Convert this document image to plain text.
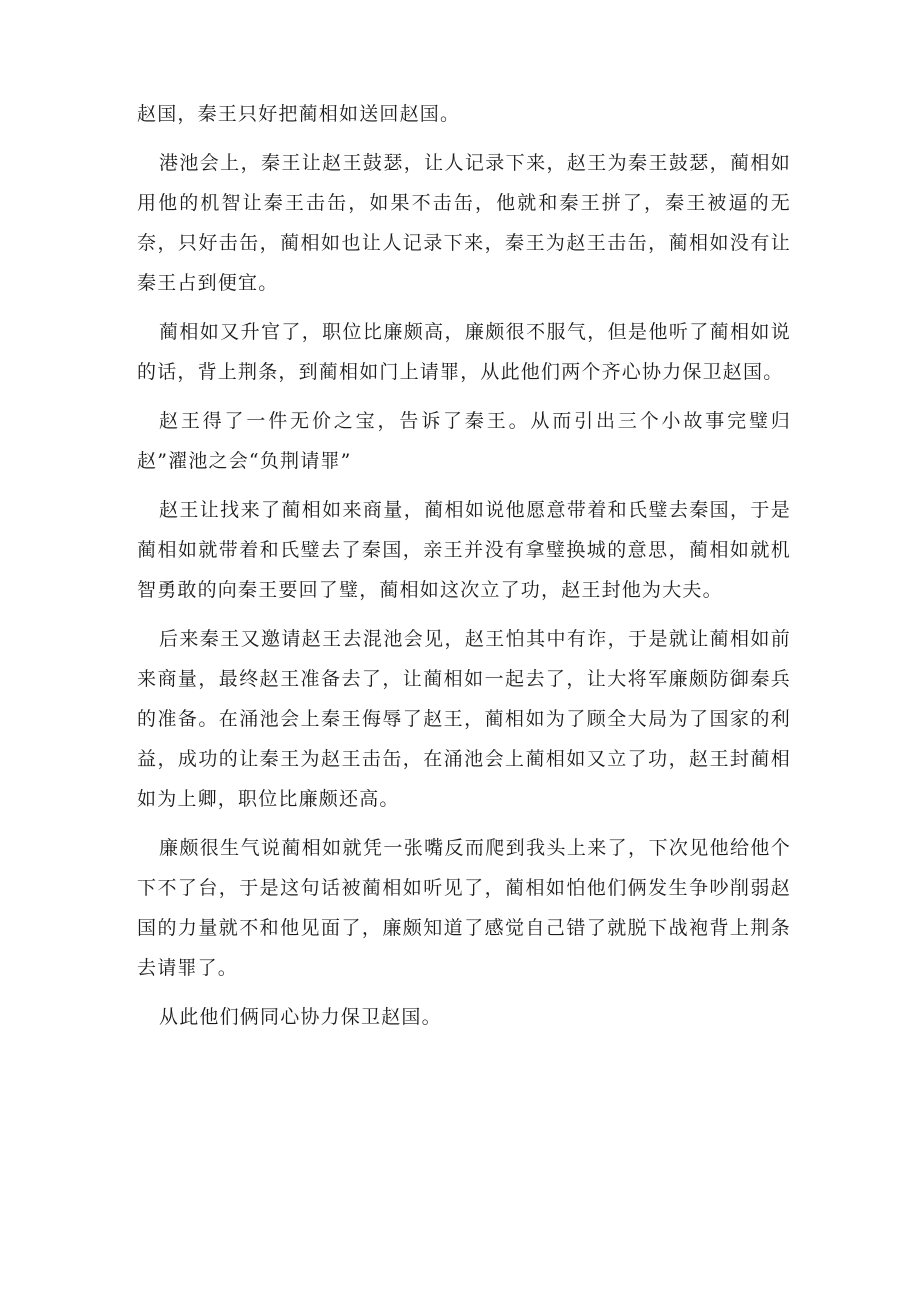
赵国，秦王只好把蔺相如送回赵国。

港池会上，秦王让赵王鼓瑟，让人记录下来，赵王为秦王鼓瑟，蔺相如用他的机智让秦王击缶，如果不击缶，他就和秦王拼了，秦王被逼的无奈，只好击缶，蔺相如也让人记录下来，秦王为赵王击缶，蔺相如没有让秦王占到便宜。

蔺相如又升官了，职位比廉颇高，廉颇很不服气，但是他听了蔺相如说的话，背上荆条，到蔺相如门上请罪，从此他们两个齐心协力保卫赵国。

赵王得了一件无价之宝，告诉了秦王。从而引出三个小故事完璧归赵”濯池之会“负荆请罪”

赵王让找来了蔺相如来商量，蔺相如说他愿意带着和氏璧去秦国，于是蔺相如就带着和氏璧去了秦国，亲王并没有拿璧换城的意思，蔺相如就机智勇敢的向秦王要回了璧，蔺相如这次立了功，赵王封他为大夫。

后来秦王又邀请赵王去混池会见，赵王怕其中有诈，于是就让蔺相如前来商量，最终赵王准备去了，让蔺相如一起去了，让大将军廉颇防御秦兵的准备。在涌池会上秦王侮辱了赵王，蔺相如为了顾全大局为了国家的利益，成功的让秦王为赵王击缶，在涌池会上蔺相如又立了功，赵王封蔺相如为上卿，职位比廉颇还高。

廉颇很生气说蔺相如就凭一张嘴反而爬到我头上来了，下次见他给他个下不了台，于是这句话被蔺相如听见了，蔺相如怕他们俩发生争吵削弱赵国的力量就不和他见面了，廉颇知道了感觉自己错了就脱下战袍背上荆条去请罪了。

从此他们俩同心协力保卫赵国。
